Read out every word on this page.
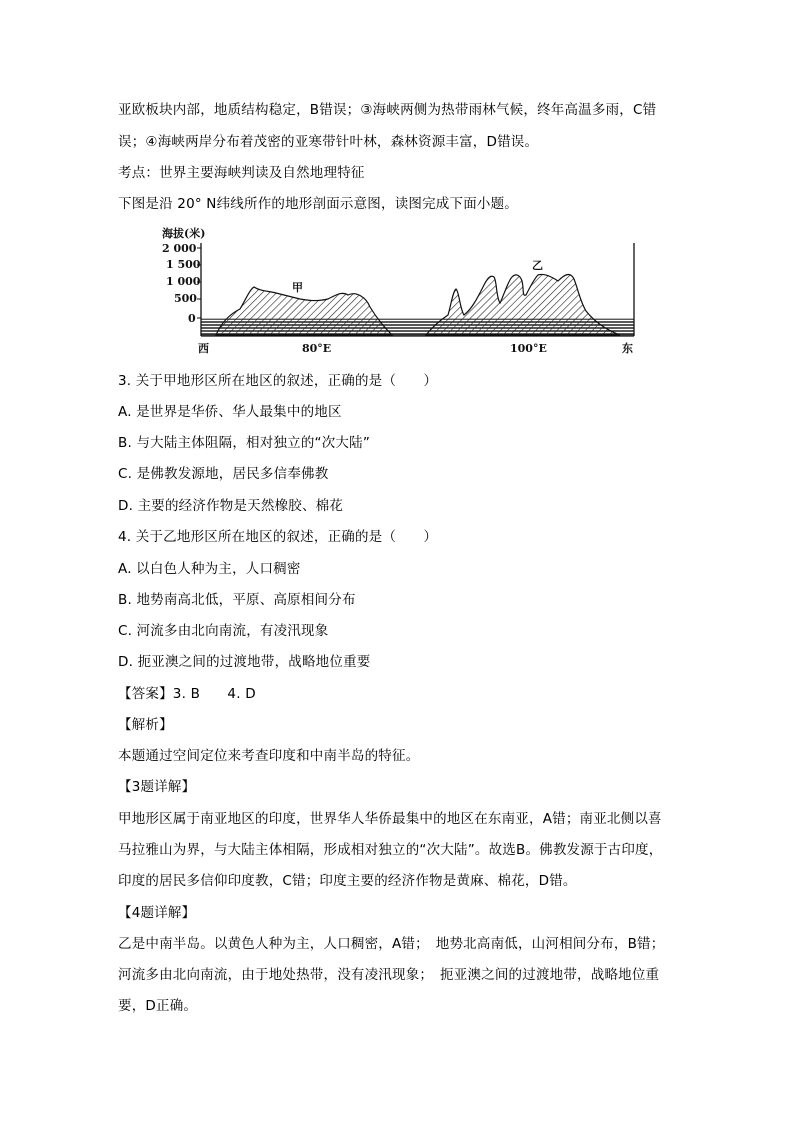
亚欧板块内部，地质结构稳定，B错误；③海峡两侧为热带雨林气候，终年高温多雨，C错
误；④海峡两岸分布着茂密的亚寒带针叶林，森林资源丰富，D错误。
考点：世界主要海峡判读及自然地理特征
下图是沿 20° N纬线所作的地形剖面示意图，读图完成下面小题。
海拔(米)
2 000
1 500
1 000
500
0
甲
乙
西	80°E	100°E	东
3. 关于甲地形区所在地区的叙述，正确的是（　　）
A. 是世界是华侨、华人最集中的地区
B. 与大陆主体阻隔，相对独立的“次大陆”
C. 是佛教发源地，居民多信奉佛教
D. 主要的经济作物是天然橡胶、棉花
4. 关于乙地形区所在地区的叙述，正确的是（　　）
A. 以白色人种为主，人口稠密
B. 地势南高北低，平原、高原相间分布
C. 河流多由北向南流，有凌汛现象
D. 扼亚澳之间的过渡地带，战略地位重要
【答案】3. B　　4. D
【解析】
本题通过空间定位来考查印度和中南半岛的特征。
【3题详解】
甲地形区属于南亚地区的印度，世界华人华侨最集中的地区在东南亚，A错；南亚北侧以喜
马拉雅山为界，与大陆主体相隔，形成相对独立的“次大陆”。故选B。佛教发源于古印度，
印度的居民多信仰印度教，C错；印度主要的经济作物是黄麻、棉花，D错。
【4题详解】
乙是中南半岛。以黄色人种为主，人口稠密，A错；　地势北高南低，山河相间分布，B错；
河流多由北向南流，由于地处热带，没有凌汛现象；　扼亚澳之间的过渡地带，战略地位重
要，D正确。
